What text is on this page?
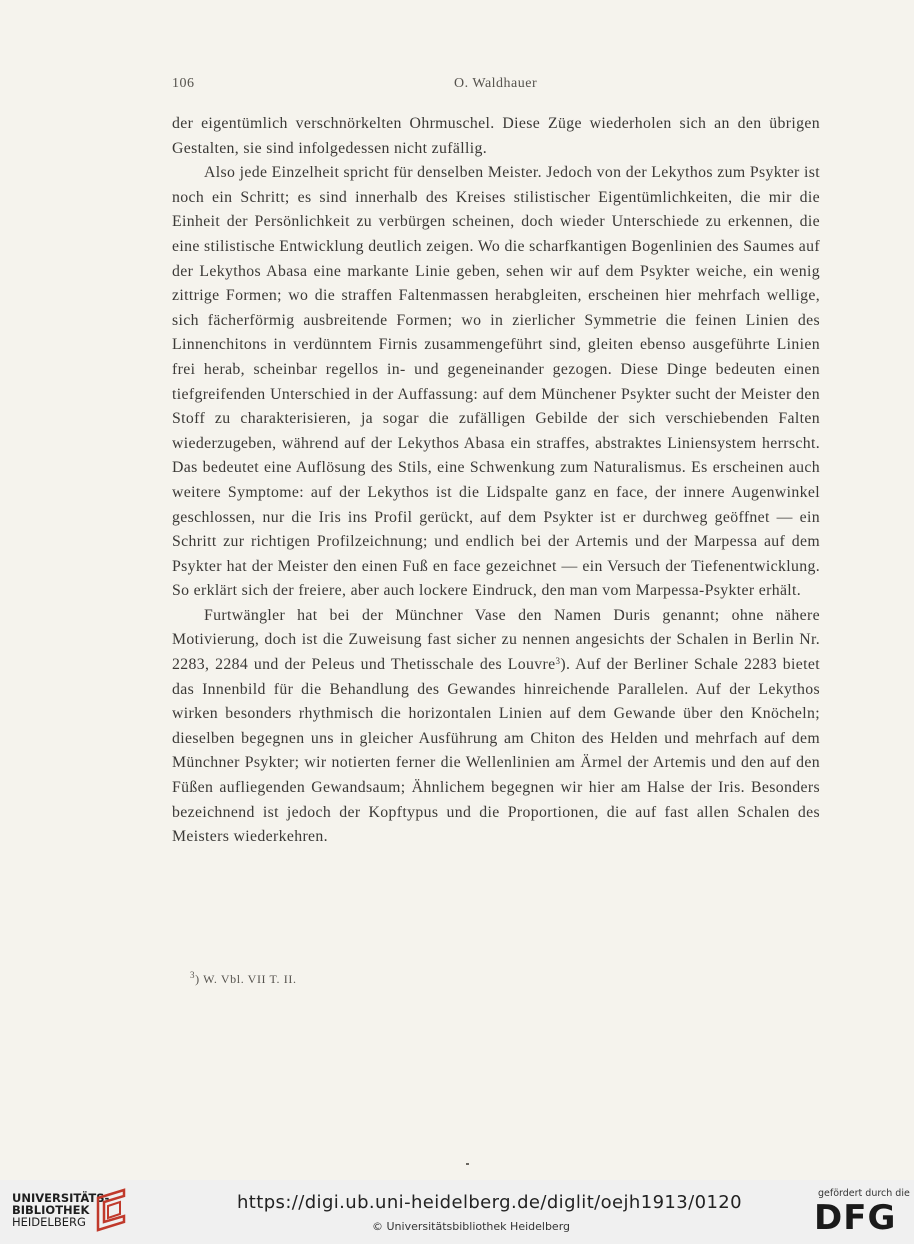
106	O. Waldhauer

der eigentümlich verschnörkelten Ohrmuschel. Diese Züge wiederholen sich an den übrigen Gestalten, sie sind infolgedessen nicht zufällig.

Also jede Einzelheit spricht für denselben Meister. Jedoch von der Lekythos zum Psykter ist noch ein Schritt; es sind innerhalb des Kreises stilistischer Eigentümlichkeiten, die mir die Einheit der Persönlichkeit zu verbürgen scheinen, doch wieder Unterschiede zu erkennen, die eine stilistische Entwicklung deutlich zeigen. Wo die scharfkantigen Bogenlinien des Saumes auf der Lekythos Abasa eine markante Linie geben, sehen wir auf dem Psykter weiche, ein wenig zittrige Formen; wo die straffen Faltenmassen herabgleiten, erscheinen hier mehrfach wellige, sich fächerförmig ausbreitende Formen; wo in zierlicher Symmetrie die feinen Linien des Linnenchitons in verdünntem Firnis zusammengeführt sind, gleiten ebenso ausgeführte Linien frei herab, scheinbar regellos in- und gegeneinander gezogen. Diese Dinge bedeuten einen tiefgreifenden Unterschied in der Auffassung: auf dem Münchener Psykter sucht der Meister den Stoff zu charakterisieren, ja sogar die zufälligen Gebilde der sich verschiebenden Falten wiederzugeben, während auf der Lekythos Abasa ein straffes, abstraktes Liniensystem herrscht. Das bedeutet eine Auflösung des Stils, eine Schwenkung zum Naturalismus. Es erscheinen auch weitere Symptome: auf der Lekythos ist die Lidspalte ganz en face, der innere Augenwinkel geschlossen, nur die Iris ins Profil gerückt, auf dem Psykter ist er durchweg geöffnet — ein Schritt zur richtigen Profilzeichnung; und endlich bei der Artemis und der Marpessa auf dem Psykter hat der Meister den einen Fuß en face gezeichnet — ein Versuch der Tiefenentwicklung. So erklärt sich der freiere, aber auch lockere Eindruck, den man vom Marpessa-Psykter erhält.

Furtwängler hat bei der Münchner Vase den Namen Duris genannt; ohne nähere Motivierung, doch ist die Zuweisung fast sicher zu nennen angesichts der Schalen in Berlin Nr. 2283, 2284 und der Peleus und Thetisschale des Louvre$^3$). Auf der Berliner Schale 2283 bietet das Innenbild für die Behandlung des Gewandes hinreichende Parallelen. Auf der Lekythos wirken besonders rhythmisch die horizontalen Linien auf dem Gewande über den Knöcheln; dieselben begegnen uns in gleicher Ausführung am Chiton des Helden und mehrfach auf dem Münchner Psykter; wir notierten ferner die Wellenlinien am Ärmel der Artemis und den auf den Füßen aufliegenden Gewandsaum; Ähnlichem begegnen wir hier am Halse der Iris. Besonders bezeichnend ist jedoch der Kopftypus und die Proportionen, die auf fast allen Schalen des Meisters wiederkehren.

$^3$) W. Vbl. VII T. II.
UNIVERSITÄTS-
BIBLIOTHEK
HEIDELBERG
https://digi.ub.uni-heidelberg.de/diglit/oejh1913/0120
© Universitätsbibliothek Heidelberg
gefördert durch die
DFG
